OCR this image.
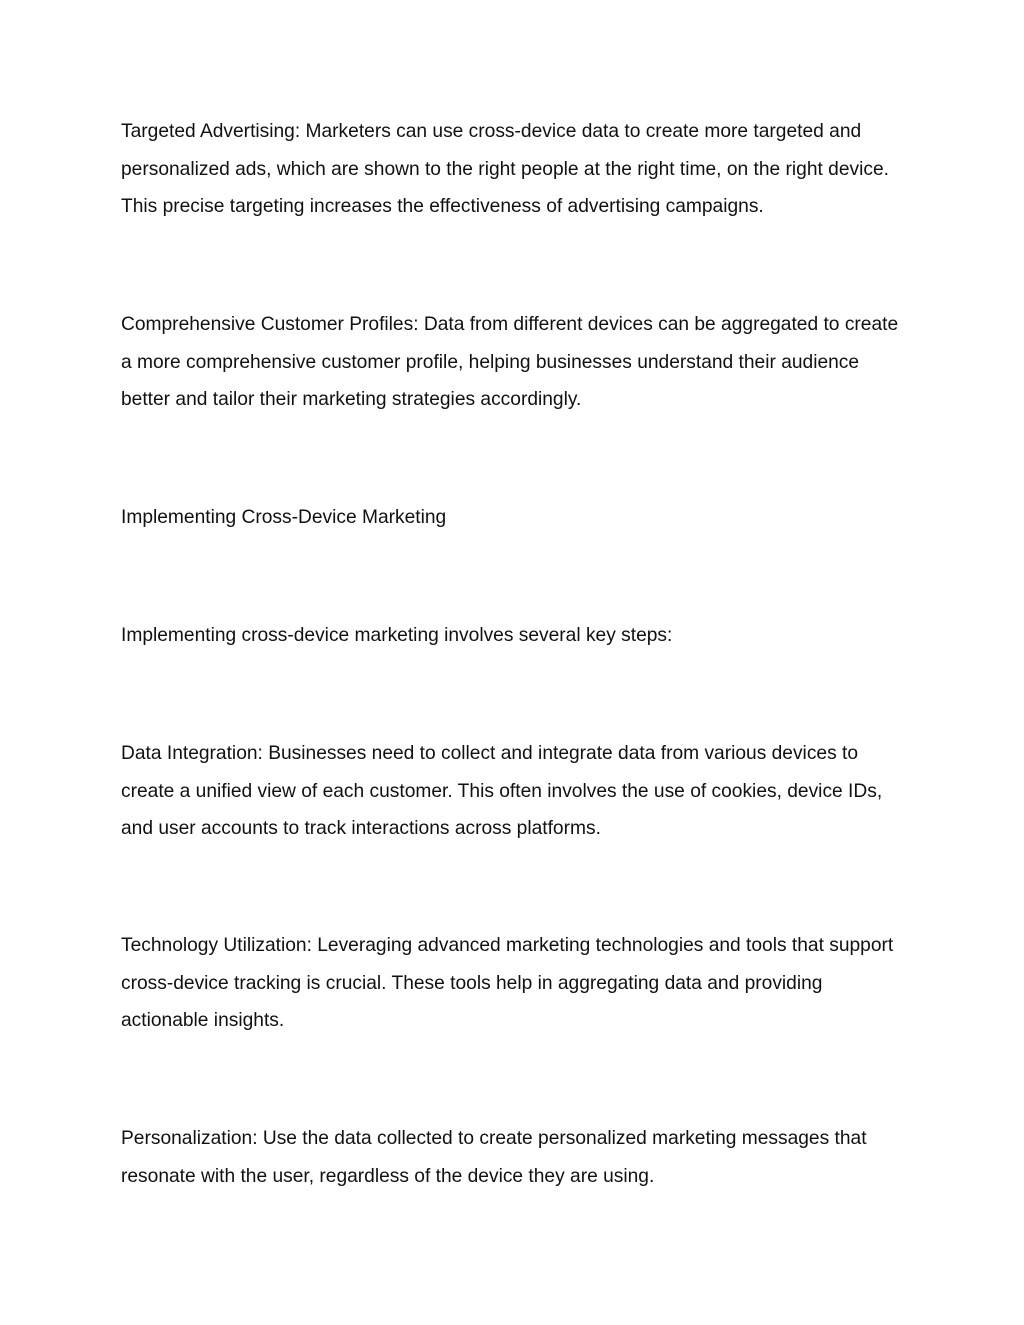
Targeted Advertising: Marketers can use cross-device data to create more targeted and personalized ads, which are shown to the right people at the right time, on the right device. This precise targeting increases the effectiveness of advertising campaigns.

Comprehensive Customer Profiles: Data from different devices can be aggregated to create a more comprehensive customer profile, helping businesses understand their audience better and tailor their marketing strategies accordingly.

Implementing Cross-Device Marketing

Implementing cross-device marketing involves several key steps:

Data Integration: Businesses need to collect and integrate data from various devices to create a unified view of each customer. This often involves the use of cookies, device IDs, and user accounts to track interactions across platforms.

Technology Utilization: Leveraging advanced marketing technologies and tools that support cross-device tracking is crucial. These tools help in aggregating data and providing actionable insights.

Personalization: Use the data collected to create personalized marketing messages that resonate with the user, regardless of the device they are using.
